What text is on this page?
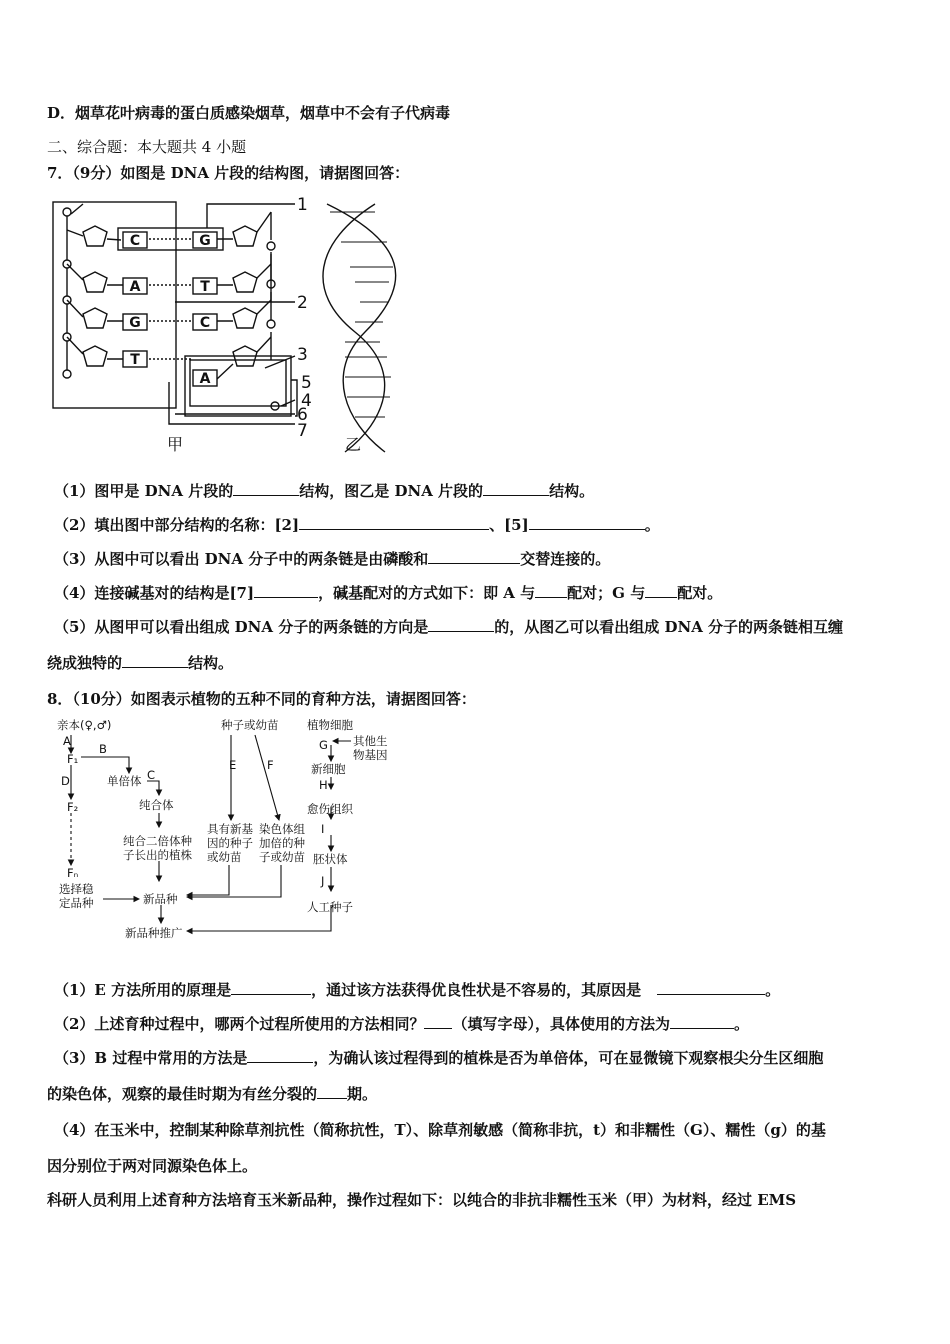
D．烟草花叶病毒的蛋白质感染烟草，烟草中不会有子代病毒
二、综合题：本大题共 4 小题
7．（9分）如图是 DNA 片段的结构图，请据图回答：
C
A
G
T
G
T
C
A
1
2
3
4
5
6
7
甲	乙
（1）图甲是 DNA 片段的	结构，图乙是 DNA 片段的	结构。
（2）填出图中部分结构的名称：[2]	、[5]	。
（3）从图中可以看出 DNA 分子中的两条链是由磷酸和	交替连接的。
（4）连接碱基对的结构是[7]	，碱基配对的方式如下：即 A 与 配对；G 与 配对。
（5）从图甲可以看出组成 DNA 分子的两条链的方向是	的，从图乙可以看出组成 DNA 分子的两条链相互缠
绕成独特的	结构。
8．（10分）如图表示植物的五种不同的育种方法，请据图回答：
亲本(♀,♂)
A
B
F₁
单倍体 C
D
纯合体
F₂
纯合二倍体种
子长出的植株
Fₙ
选择稳
定品种	新品种
新品种推广
种子或幼苗
E	F
具有新基
因的种子
或幼苗
染色体组
加倍的种
子或幼苗
植物细胞
G 其他生
物基因
新细胞
H
愈伤组织
I
胚状体
J
人工种子
（1）E 方法所用的原理是	，通过该方法获得优良性状是不容易的，其原因是	。
（2）上述育种过程中，哪两个过程所使用的方法相同？ （填写字母），具体使用的方法为	。
（3）B 过程中常用的方法是	，为确认该过程得到的植株是否为单倍体，可在显微镜下观察根尖分生区细胞
的染色体，观察的最佳时期为有丝分裂的 期。
（4）在玉米中，控制某种除草剂抗性（简称抗性，T）、除草剂敏感（简称非抗，t）和非糯性（G）、糯性（g）的基
因分别位于两对同源染色体上。
科研人员利用上述育种方法培育玉米新品种，操作过程如下：以纯合的非抗非糯性玉米（甲）为材料，经过 EMS
